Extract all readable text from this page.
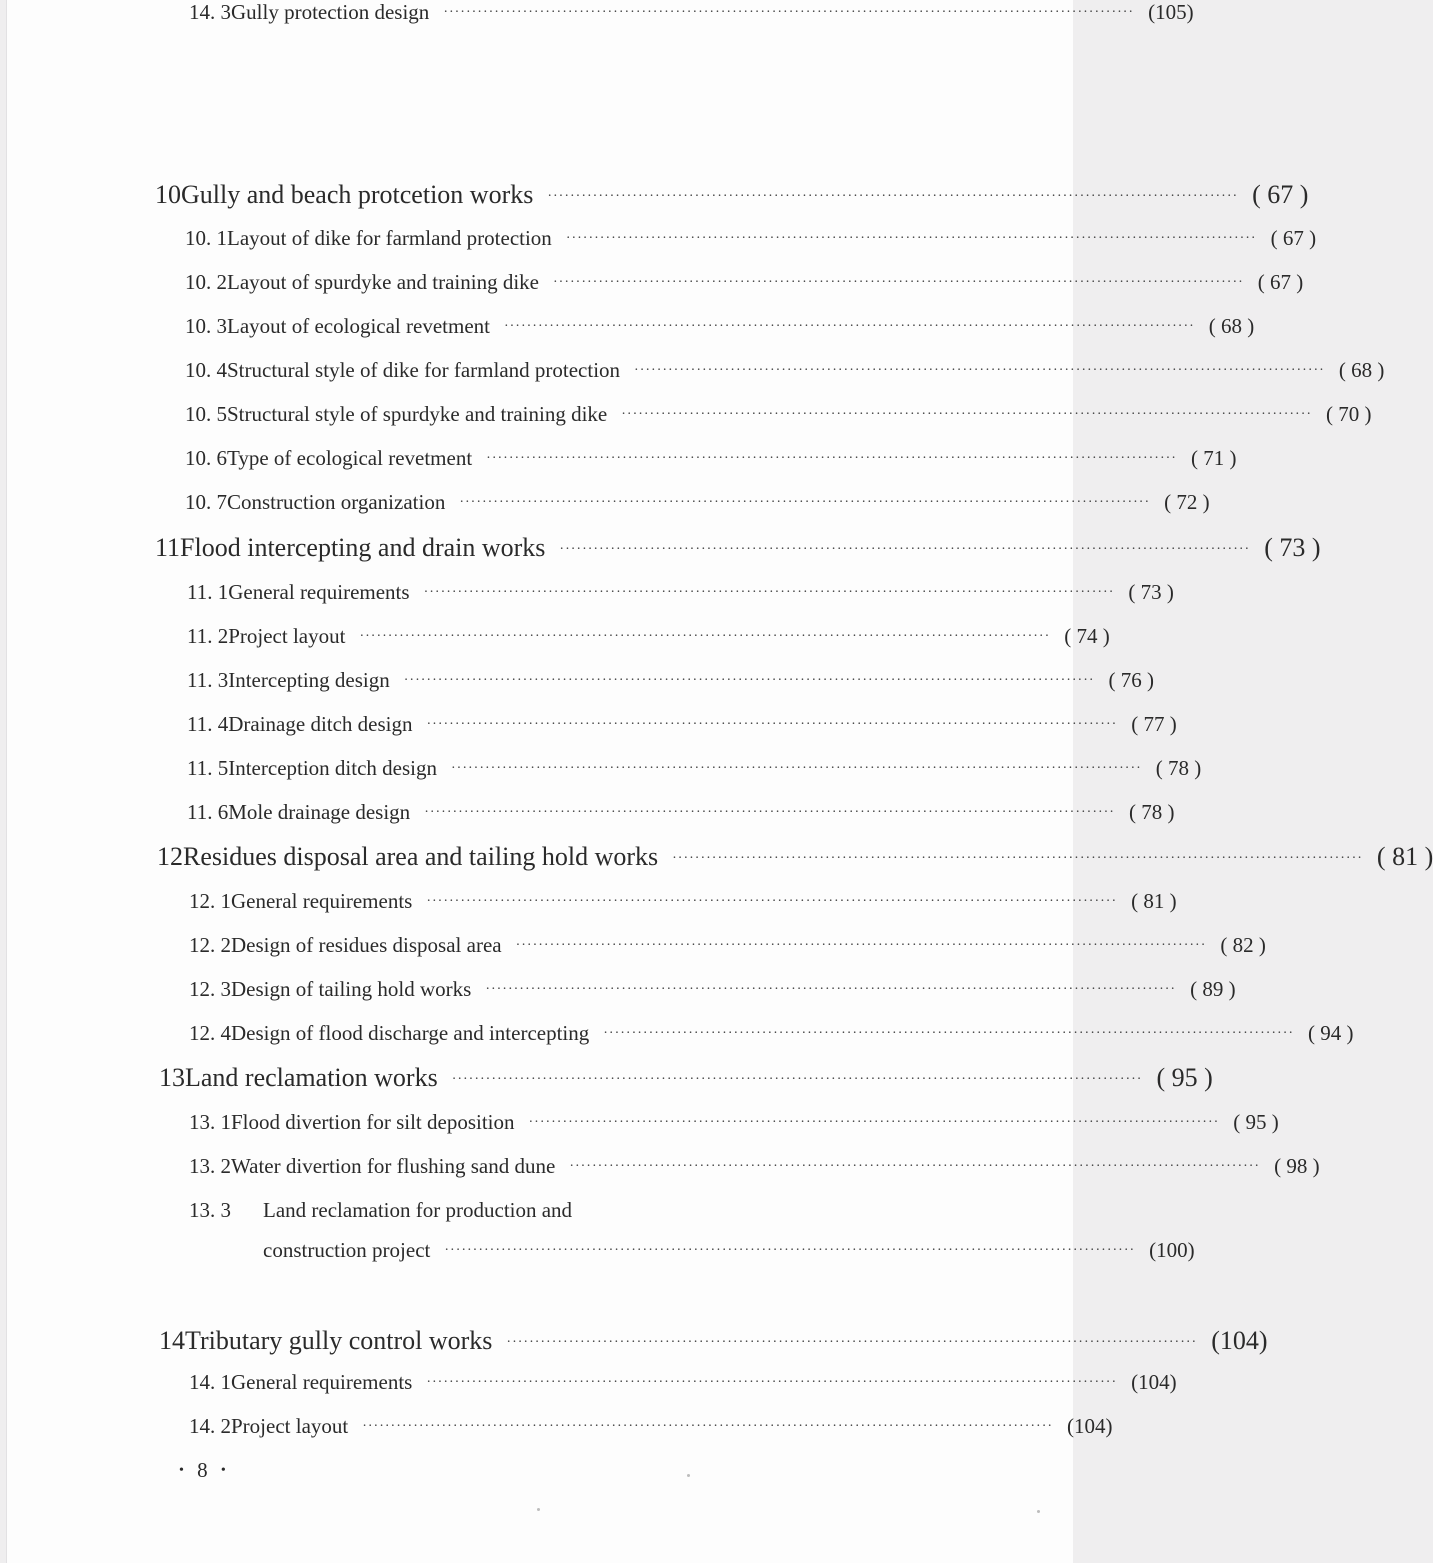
10 Gully and beach protcetion works ·························································································································· ( 67 )
10. 1 Layout of dike for farmland protection ·························································································································· ( 67 )
10. 2 Layout of spurdyke and training dike ·························································································································· ( 67 )
10. 3 Layout of ecological revetment ·························································································································· ( 68 )
10. 4 Structural style of dike for farmland protection ·························································································································· ( 68 )
10. 5 Structural style of spurdyke and training dike ·························································································································· ( 70 )
10. 6 Type of ecological revetment ·························································································································· ( 71 )
10. 7 Construction organization ·························································································································· ( 72 )
11 Flood intercepting and drain works ·························································································································· ( 73 )
11. 1 General requirements ·························································································································· ( 73 )
11. 2 Project layout ·························································································································· ( 74 )
11. 3 Intercepting design ·························································································································· ( 76 )
11. 4 Drainage ditch design ·························································································································· ( 77 )
11. 5 Interception ditch design ·························································································································· ( 78 )
11. 6 Mole drainage design ·························································································································· ( 78 )
12 Residues disposal area and tailing hold works ·························································································································· ( 81 )
12. 1 General requirements ·························································································································· ( 81 )
12. 2 Design of residues disposal area ·························································································································· ( 82 )
12. 3 Design of tailing hold works ·························································································································· ( 89 )
12. 4 Design of flood discharge and intercepting ·························································································································· ( 94 )
13 Land reclamation works ·························································································································· ( 95 )
13. 1 Flood divertion for silt deposition ·························································································································· ( 95 )
13. 2 Water divertion for flushing sand dune ·························································································································· ( 98 )
13. 3	Land reclamation for production and
construction project ·························································································································· (100)
14 Tributary gully control works ·························································································································· (104)
14. 1 General requirements ·························································································································· (104)
14. 2 Project layout ·························································································································· (104)
14. 3 Gully protection design ·························································································································· (105)
• 8 •
